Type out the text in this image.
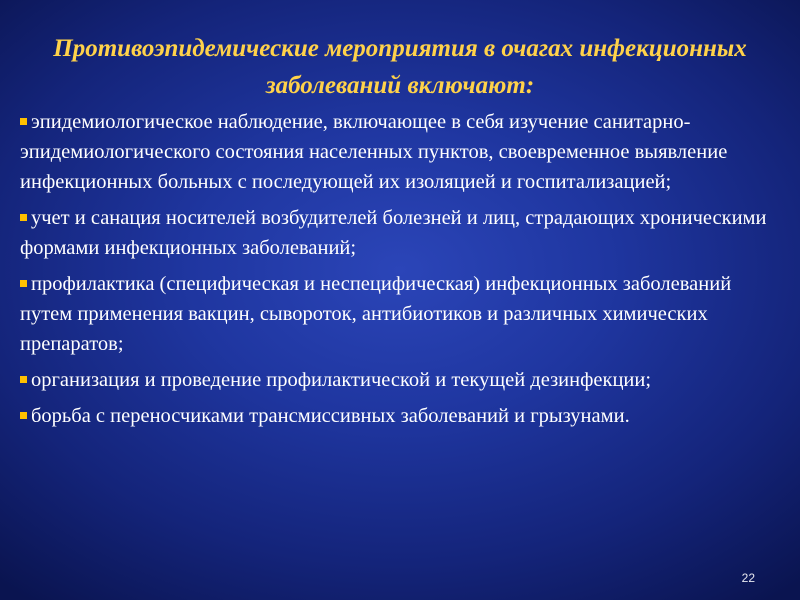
Противоэпидемические мероприятия в очагах инфекционных заболеваний включают:
эпидемиологическое наблюдение, включающее в себя изучение санитарно-эпидемиологического состояния населенных пунктов, своевременное выявление инфекционных больных с последующей их изоляцией и госпитализацией;
учет и санация носителей возбудителей болезней и лиц, страдающих хроническими формами инфекционных заболеваний;
профилактика (специфическая и неспецифическая) инфекционных заболеваний путем применения вакцин, сывороток, антибиотиков и различных химических препаратов;
организация и проведение профилактической и текущей дезинфекции;
борьба с переносчиками трансмиссивных заболеваний и грызунами.
22
